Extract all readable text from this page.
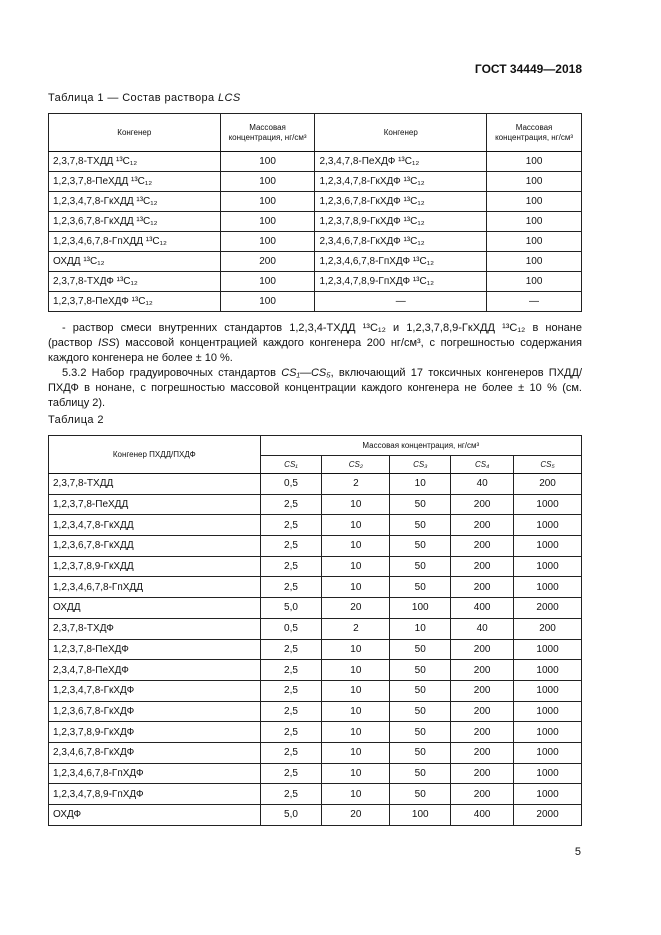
ГОСТ 34449—2018
Таблица 1 — Состав раствора LCS
Конгенер	Массовая концентрация, нг/см³	Конгенер	Массовая концентрация, нг/см³
2,3,7,8-ТХДД ¹³C₁₂	100	2,3,4,7,8-ПеХДФ ¹³C₁₂	100
1,2,3,7,8-ПеХДД ¹³C₁₂	100	1,2,3,4,7,8-ГкХДФ ¹³C₁₂	100
1,2,3,4,7,8-ГкХДД ¹³C₁₂	100	1,2,3,6,7,8-ГкХДФ ¹³C₁₂	100
1,2,3,6,7,8-ГкХДД ¹³C₁₂	100	1,2,3,7,8,9-ГкХДФ ¹³C₁₂	100
1,2,3,4,6,7,8-ГпХДД ¹³C₁₂	100	2,3,4,6,7,8-ГкХДФ ¹³C₁₂	100
ОХДД ¹³C₁₂	200	1,2,3,4,6,7,8-ГпХДФ ¹³C₁₂	100
2,3,7,8-ТХДФ ¹³C₁₂	100	1,2,3,4,7,8,9-ГпХДФ ¹³C₁₂	100
1,2,3,7,8-ПеХДФ ¹³C₁₂	100	—	—
- раствор смеси внутренних стандартов 1,2,3,4-ТХДД ¹³C₁₂ и 1,2,3,7,8,9-ГкХДД ¹³C₁₂ в нонане (раствор ISS) массовой концентрацией каждого конгенера 200 нг/см³, с погрешностью содержания каждого конгенера не более ± 10 %.
5.3.2 Набор градуировочных стандартов CS₁—CS₅, включающий 17 токсичных конгенеров ПХДД/ПХДФ в нонане, с погрешностью массовой концентрации каждого конгенера не более ± 10 % (см. таблицу 2).
Таблица 2
Конгенер ПХДД/ПХДФ	Массовая концентрация, нг/см³				
	CS₁	CS₂	CS₃	CS₄	CS₅
2,3,7,8-ТХДД	0,5	2	10	40	200
1,2,3,7,8-ПеХДД	2,5	10	50	200	1000
1,2,3,4,7,8-ГкХДД	2,5	10	50	200	1000
1,2,3,6,7,8-ГкХДД	2,5	10	50	200	1000
1,2,3,7,8,9-ГкХДД	2,5	10	50	200	1000
1,2,3,4,6,7,8-ГпХДД	2,5	10	50	200	1000
ОХДД	5,0	20	100	400	2000
2,3,7,8-ТХДФ	0,5	2	10	40	200
1,2,3,7,8-ПеХДФ	2,5	10	50	200	1000
2,3,4,7,8-ПеХДФ	2,5	10	50	200	1000
1,2,3,4,7,8-ГкХДФ	2,5	10	50	200	1000
1,2,3,6,7,8-ГкХДФ	2,5	10	50	200	1000
1,2,3,7,8,9-ГкХДФ	2,5	10	50	200	1000
2,3,4,6,7,8-ГкХДФ	2,5	10	50	200	1000
1,2,3,4,6,7,8-ГпХДФ	2,5	10	50	200	1000
1,2,3,4,7,8,9-ГпХДФ	2,5	10	50	200	1000
ОХДФ	5,0	20	100	400	2000
5
